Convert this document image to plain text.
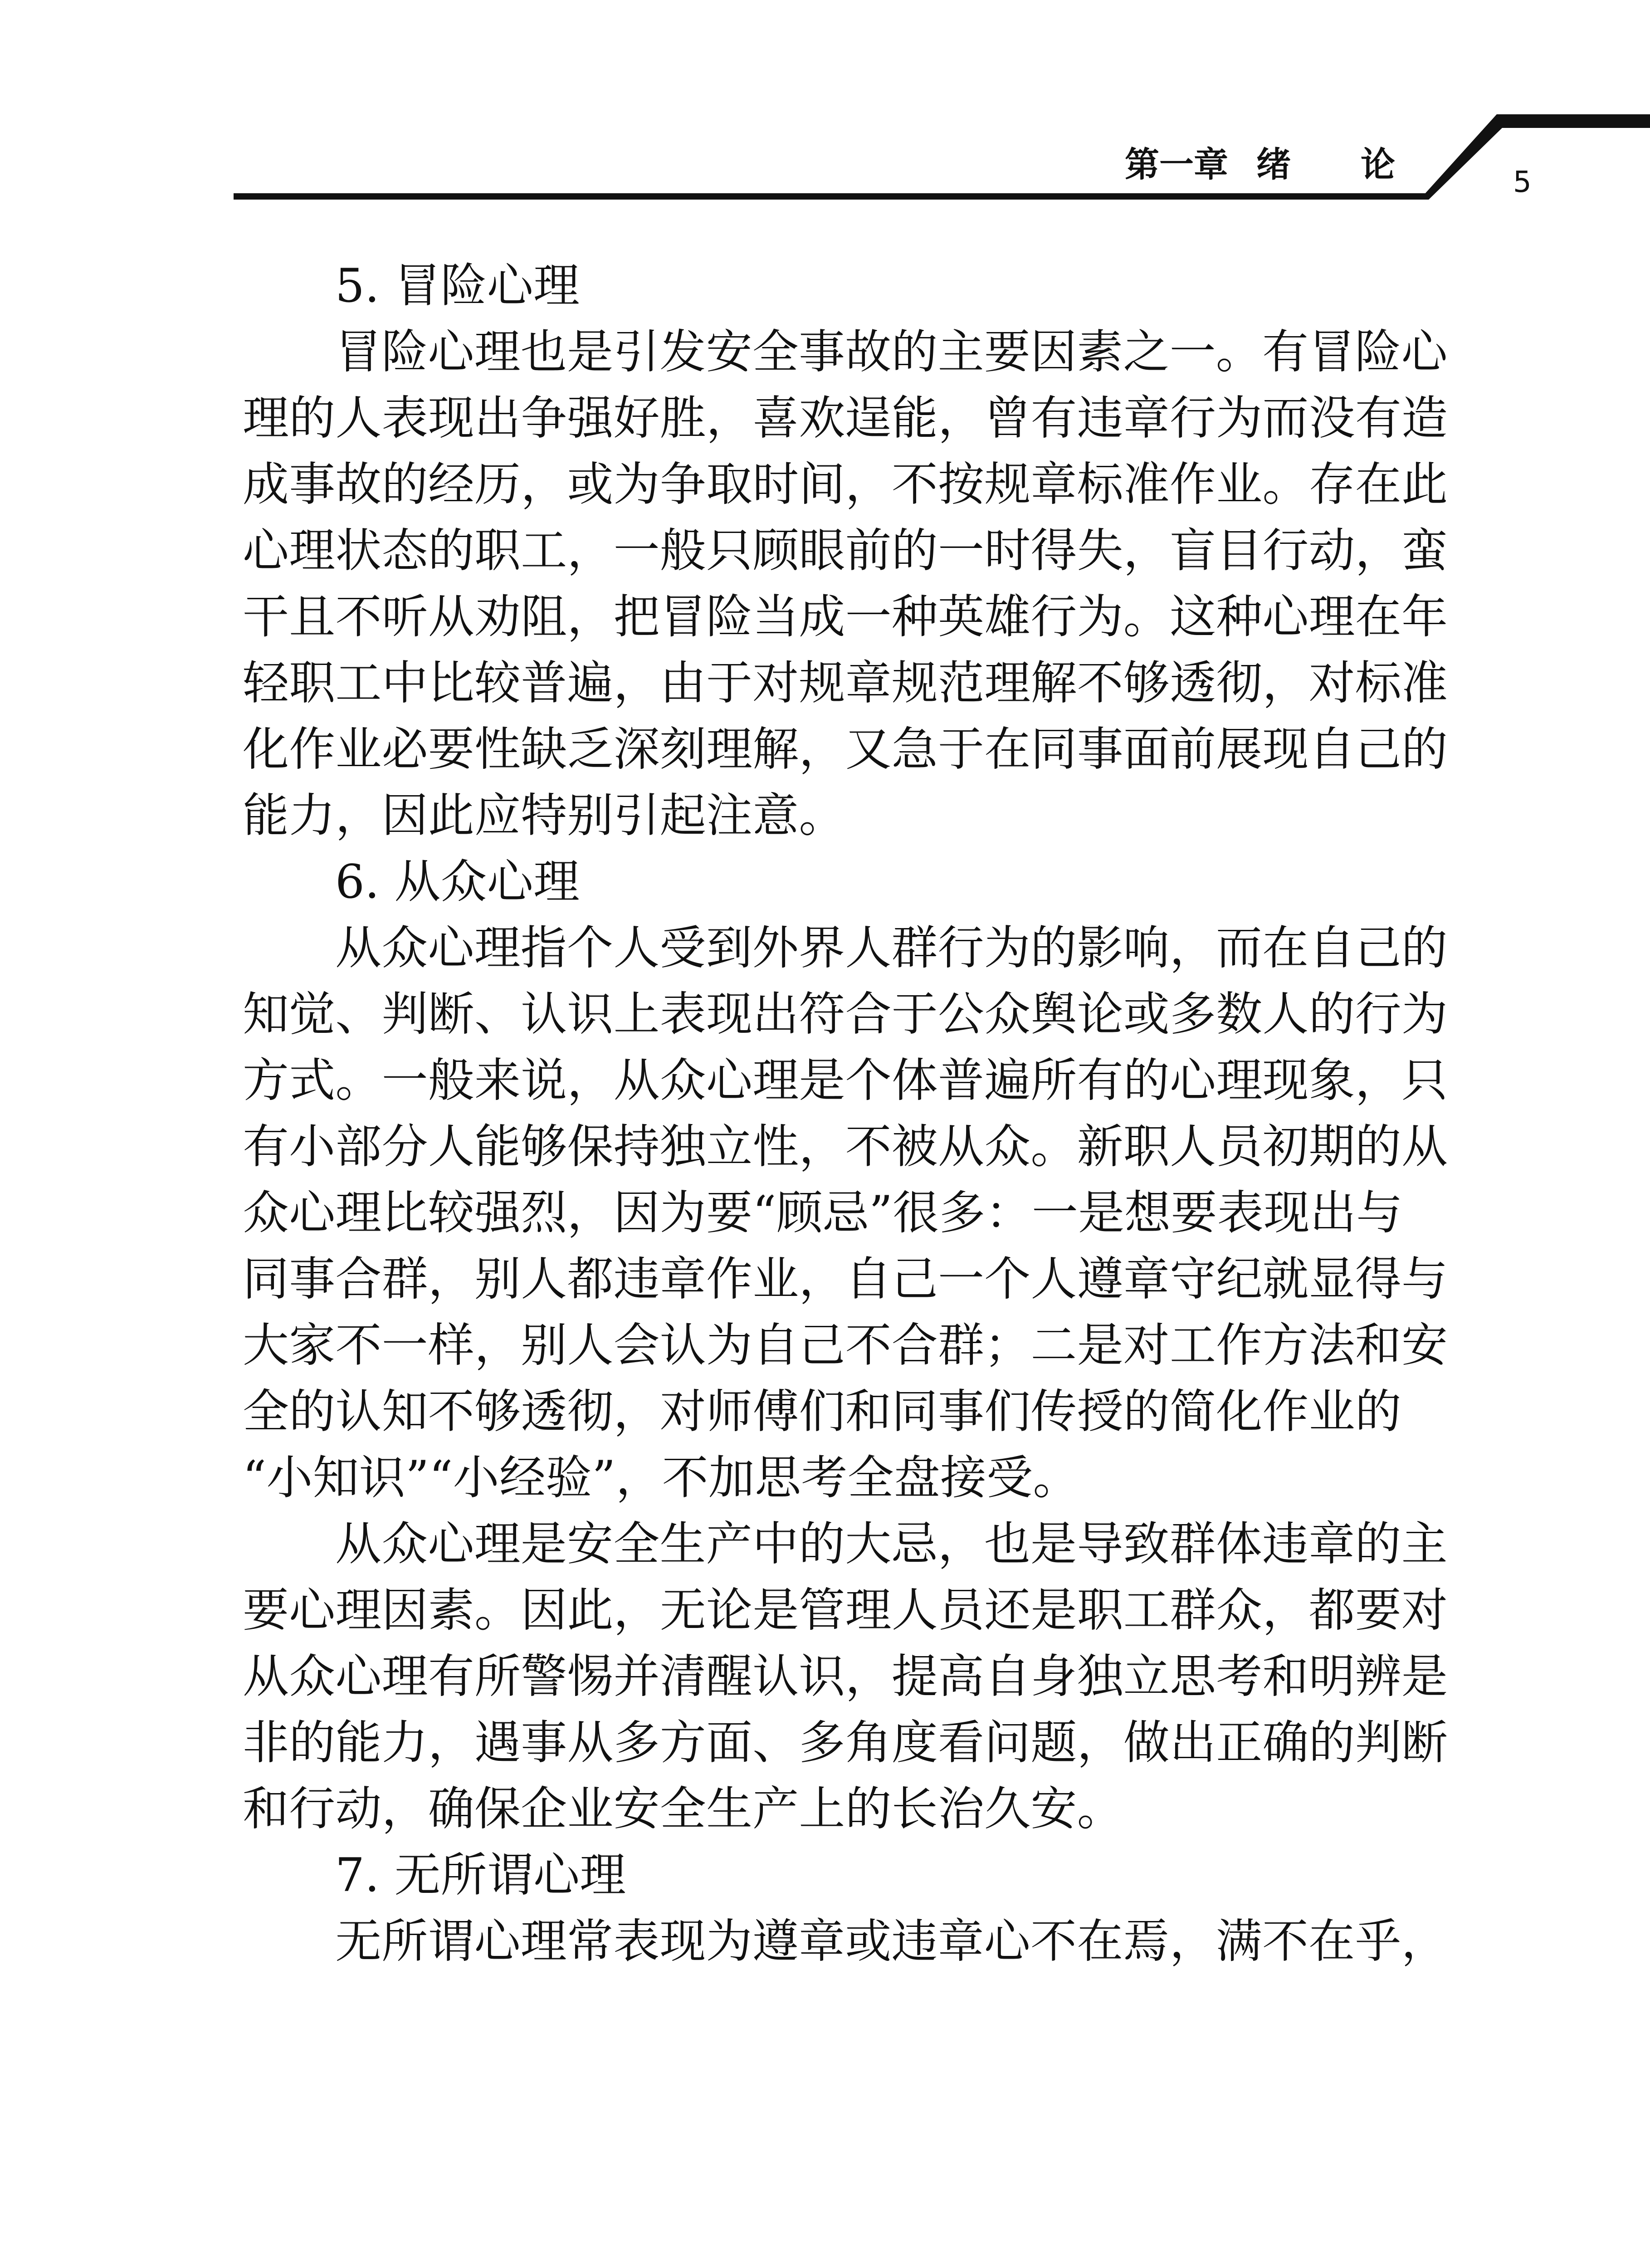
第一章 绪 论	5
5. 冒险心理
冒险心理也是引发安全事故的主要因素之一。有冒险心
理的人表现出争强好胜，喜欢逞能，曾有违章行为而没有造
成事故的经历，或为争取时间，不按规章标准作业。存在此
心理状态的职工，一般只顾眼前的一时得失，盲目行动，蛮
干且不听从劝阻，把冒险当成一种英雄行为。这种心理在年
轻职工中比较普遍，由于对规章规范理解不够透彻，对标准
化作业必要性缺乏深刻理解，又急于在同事面前展现自己的
能力，因此应特别引起注意。
6. 从众心理
从众心理指个人受到外界人群行为的影响，而在自己的
知觉、判断、认识上表现出符合于公众舆论或多数人的行为
方式。一般来说，从众心理是个体普遍所有的心理现象，只
有小部分人能够保持独立性，不被从众。新职人员初期的从
众心理比较强烈，因为要“顾忌”很多：一是想要表现出与
同事合群，别人都违章作业，自己一个人遵章守纪就显得与
大家不一样，别人会认为自己不合群；二是对工作方法和安
全的认知不够透彻，对师傅们和同事们传授的简化作业的
“小知识”“小经验”，不加思考全盘接受。
从众心理是安全生产中的大忌，也是导致群体违章的主
要心理因素。因此，无论是管理人员还是职工群众，都要对
从众心理有所警惕并清醒认识，提高自身独立思考和明辨是
非的能力，遇事从多方面、多角度看问题，做出正确的判断
和行动，确保企业安全生产上的长治久安。
7. 无所谓心理
无所谓心理常表现为遵章或违章心不在焉，满不在乎，
